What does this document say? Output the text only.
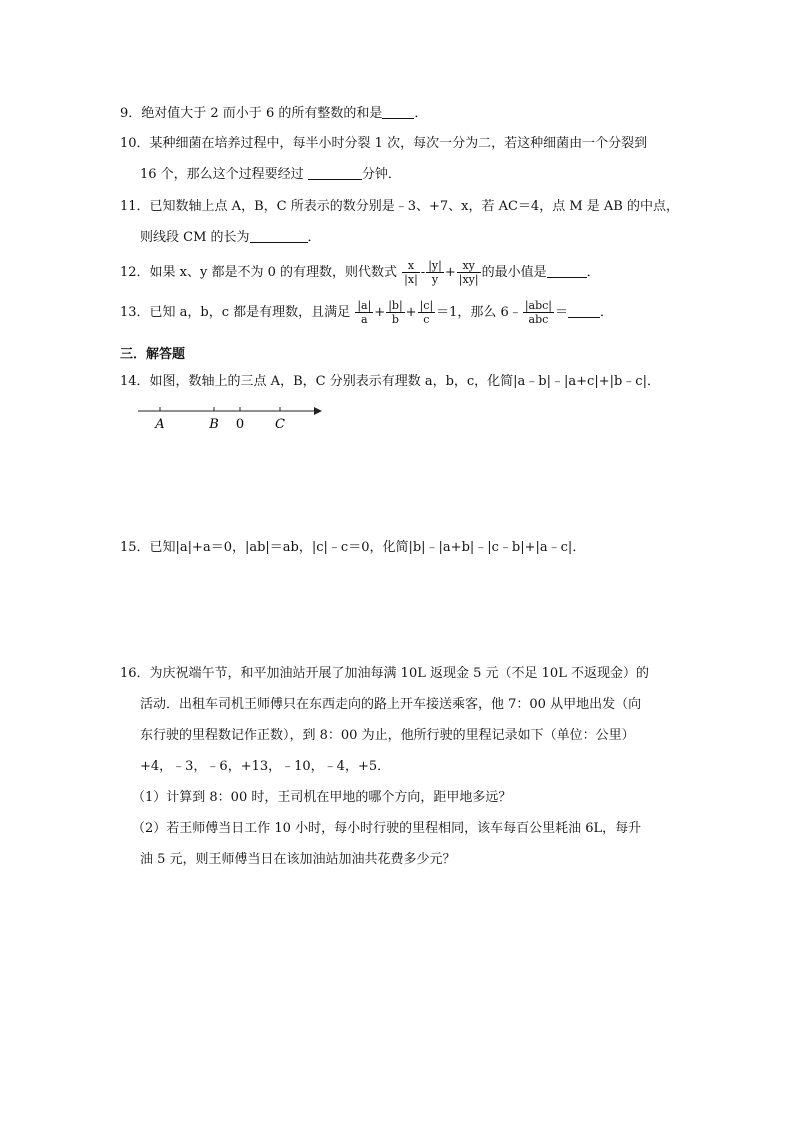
9．绝对值大于 2 而小于 6 的所有整数的和是 ．
10．某种细菌在培养过程中，每半小时分裂 1 次，每次一分为二，若这种细菌由一个分裂到
16 个，那么这个过程要经过	分钟．
11．已知数轴上点 A，B，C 所表示的数分别是﹣3、+7、x，若 AC＝4，点 M 是 AB 的中点，
则线段 CM 的长为	．
12．如果 x、y 都是不为 0 的有理数，则代数式 $\frac{x}{|x|} - \frac{|y|}{y} + \frac{xy}{|xy|}$ 的最小值是	．
13．已知 a，b，c 都是有理数，且满足 $\frac{|a|}{a} + \frac{|b|}{b} + \frac{|c|}{c} =1$，那么 6﹣ $\frac{\text{|abc|}}{\text{abc}}$ ＝ ．
三．解答题
14．如图，数轴上的三点 A，B，C 分别表示有理数 a，b，c，化简|a﹣b|﹣|a+c|+|b﹣c|．
A	B 0 C
15．已知|a|+a＝0，|ab|＝ab，|c|﹣c＝0，化简|b|﹣|a+b|﹣|c﹣b|+|a﹣c|．
16．为庆祝端午节，和平加油站开展了加油每满 10L 返现金 5 元（不足 10L 不返现金）的
活动．出租车司机王师傅只在东西走向的路上开车接送乘客，他 7：00 从甲地出发（向
东行驶的里程数记作正数），到 8：00 为止，他所行驶的里程记录如下（单位：公里）
+4，﹣3，﹣6，+13，﹣10，﹣4，+5．
（1）计算到 8：00 时，王司机在甲地的哪个方向，距甲地多远？
（2）若王师傅当日工作 10 小时，每小时行驶的里程相同，该车每百公里耗油 6L，每升
油 5 元，则王师傅当日在该加油站加油共花费多少元？
